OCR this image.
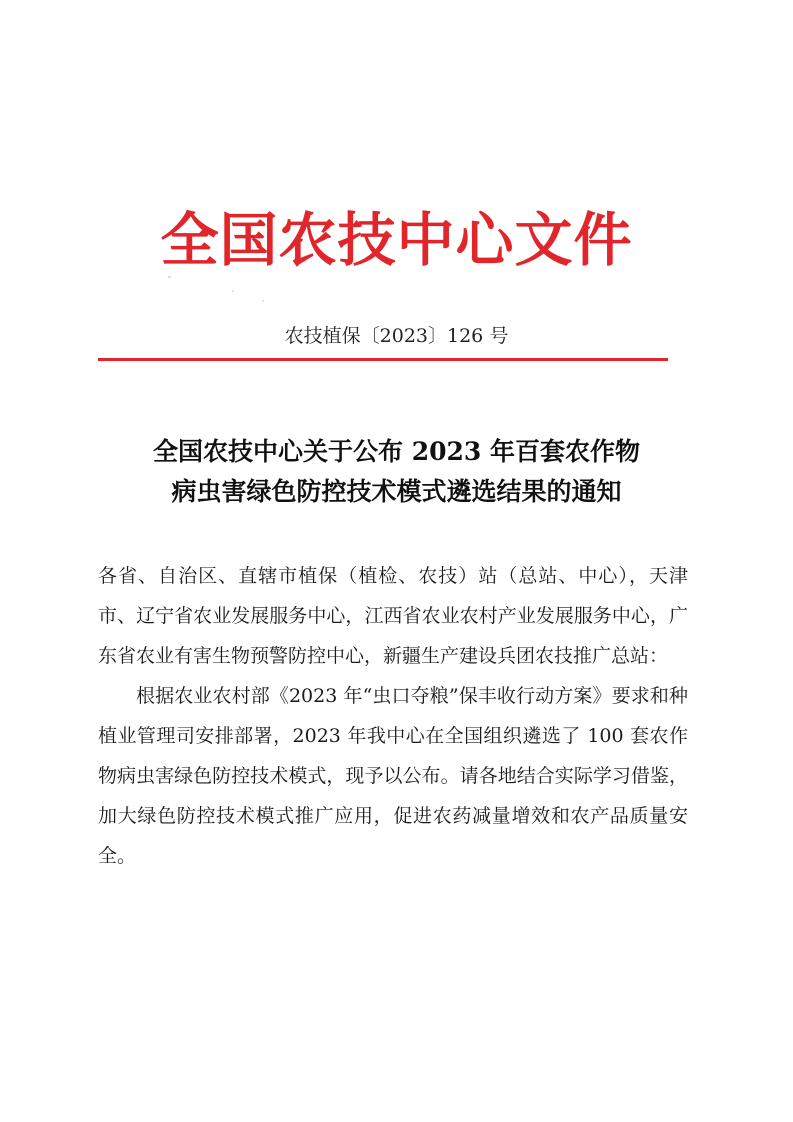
全国农技中心文件
农技植保〔2023〕126 号
全国农技中心关于公布 2023 年百套农作物
病虫害绿色防控技术模式遴选结果的通知

各省、自治区、直辖市植保（植检、农技）站（总站、中心），天津市、辽宁省农业发展服务中心，江西省农业农村产业发展服务中心，广东省农业有害生物预警防控中心，新疆生产建设兵团农技推广总站：

根据农业农村部《2023 年“虫口夺粮”保丰收行动方案》要求和种植业管理司安排部署，2023 年我中心在全国组织遴选了 100 套农作物病虫害绿色防控技术模式，现予以公布。请各地结合实际学习借鉴，加大绿色防控技术模式推广应用，促进农药减量增效和农产品质量安全。
